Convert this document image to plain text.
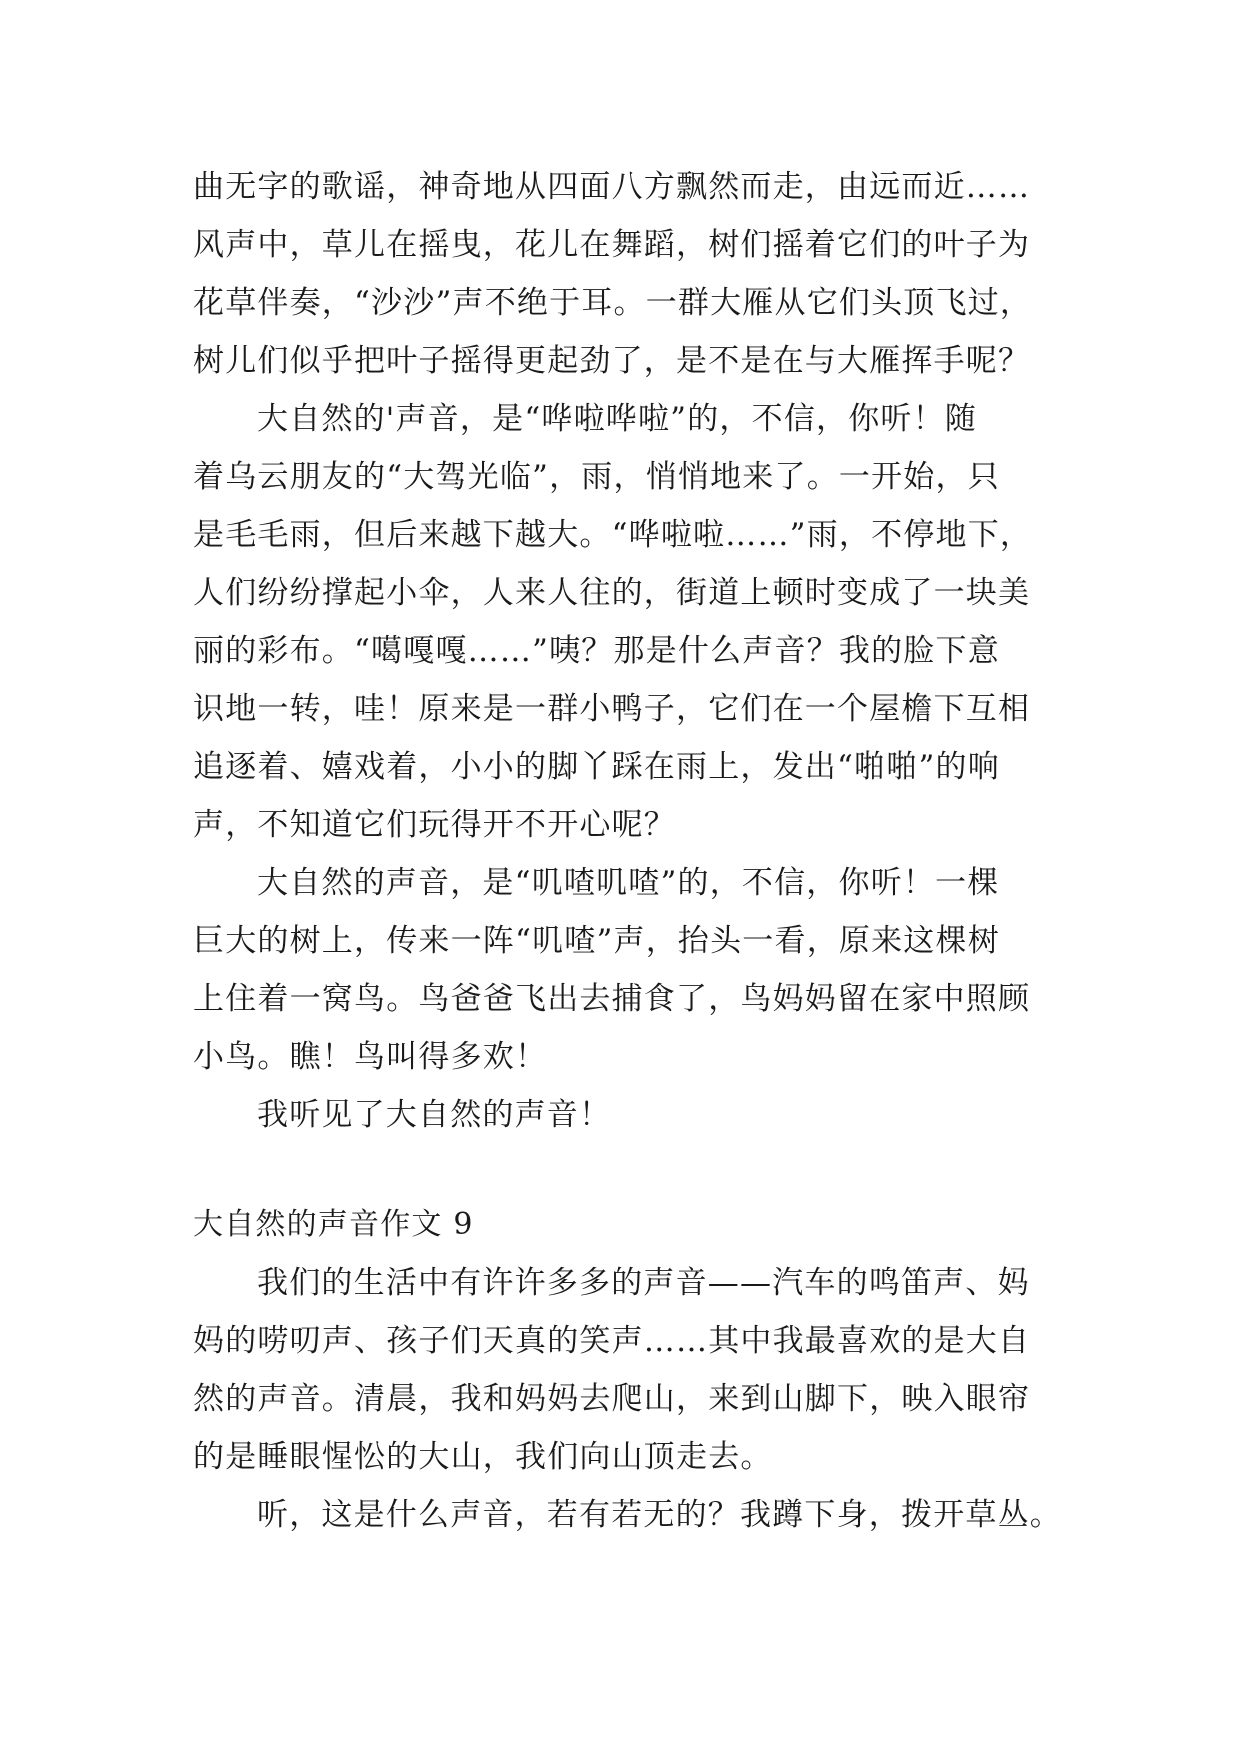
曲无字的歌谣，神奇地从四面八方飘然而走，由远而近……
风声中，草儿在摇曳，花儿在舞蹈，树们摇着它们的叶子为
花草伴奏，“沙沙”声不绝于耳。一群大雁从它们头顶飞过，
树儿们似乎把叶子摇得更起劲了，是不是在与大雁挥手呢？

大自然的'声音，是“哗啦哗啦”的，不信，你听！随
着乌云朋友的“大驾光临”，雨，悄悄地来了。一开始，只
是毛毛雨，但后来越下越大。“哗啦啦……”雨，不停地下，
人们纷纷撑起小伞，人来人往的，街道上顿时变成了一块美
丽的彩布。“噶嘎嘎……”咦？那是什么声音？我的脸下意
识地一转，哇！原来是一群小鸭子，它们在一个屋檐下互相
追逐着、嬉戏着，小小的脚丫踩在雨上，发出“啪啪”的响
声，不知道它们玩得开不开心呢？

大自然的声音，是“叽喳叽喳”的，不信，你听！一棵
巨大的树上，传来一阵“叽喳”声，抬头一看，原来这棵树
上住着一窝鸟。鸟爸爸飞出去捕食了，鸟妈妈留在家中照顾
小鸟。瞧！鸟叫得多欢！

我听见了大自然的声音！

大自然的声音作文 9

我们的生活中有许许多多的声音——汽车的鸣笛声、妈
妈的唠叨声、孩子们天真的笑声……其中我最喜欢的是大自
然的声音。清晨，我和妈妈去爬山，来到山脚下，映入眼帘
的是睡眼惺忪的大山，我们向山顶走去。

听，这是什么声音，若有若无的？我蹲下身，拨开草丛。
